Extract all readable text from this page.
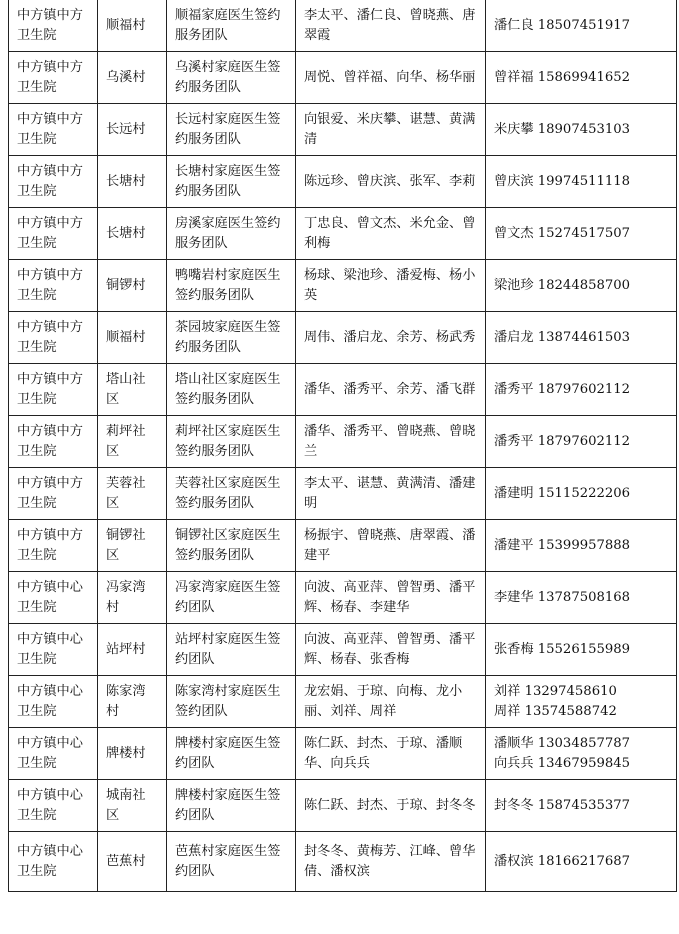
中方镇中方卫生院	顺福村	顺福家庭医生签约服务团队	李太平、潘仁良、曾晓燕、唐翠霞	潘仁良 18507451917

中方镇中方卫生院	乌溪村	乌溪村家庭医生签约服务团队	周悦、曾祥福、向华、杨华丽	曾祥福 15869941652

中方镇中方卫生院	长远村	长远村家庭医生签约服务团队	向银爱、米庆攀、谌慧、黄满清	米庆攀 18907453103

中方镇中方卫生院	长塘村	长塘村家庭医生签约服务团队	陈远珍、曾庆滨、张军、李莉	曾庆滨 19974511118

中方镇中方卫生院	长塘村	房溪家庭医生签约服务团队	丁忠良、曾文杰、米允金、曾利梅	曾文杰 15274517507

中方镇中方卫生院	铜锣村	鸭嘴岩村家庭医生签约服务团队	杨球、梁池珍、潘爱梅、杨小英	梁池珍 18244858700

中方镇中方卫生院	顺福村	茶园坡家庭医生签约服务团队	周伟、潘启龙、余芳、杨武秀	潘启龙 13874461503

中方镇中方卫生院	塔山社区	塔山社区家庭医生签约服务团队	潘华、潘秀平、余芳、潘飞群	潘秀平 18797602112

中方镇中方卫生院	莉坪社区	莉坪社区家庭医生签约服务团队	潘华、潘秀平、曾晓燕、曾晓兰	潘秀平 18797602112

中方镇中方卫生院	芙蓉社区	芙蓉社区家庭医生签约服务团队	李太平、谌慧、黄满清、潘建明	潘建明 15115222206

中方镇中方卫生院	铜锣社区	铜锣社区家庭医生签约服务团队	杨振宇、曾晓燕、唐翠霞、潘建平	潘建平 15399957888

中方镇中心卫生院	冯家湾村	冯家湾家庭医生签约团队	向波、高亚萍、曾智勇、潘平辉、杨春、李建华	李建华 13787508168

中方镇中心卫生院	站坪村	站坪村家庭医生签约团队	向波、高亚萍、曾智勇、潘平辉、杨春、张香梅	张香梅 15526155989

中方镇中心卫生院	陈家湾村	陈家湾村家庭医生签约团队	龙宏娟、于琼、向梅、龙小丽、刘祥、周祥	刘祥 13297458610
周祥 13574588742

中方镇中心卫生院	牌楼村	牌楼村家庭医生签约团队	陈仁跃、封杰、于琼、潘顺华、向兵兵	潘顺华 13034857787
向兵兵 13467959845

中方镇中心卫生院	城南社区	牌楼村家庭医生签约团队	陈仁跃、封杰、于琼、封冬冬	封冬冬 15874535377

中方镇中心卫生院	芭蕉村	芭蕉村家庭医生签约团队	封冬冬、黄梅芳、江峰、曾华倩、潘权滨	潘权滨 18166217687
